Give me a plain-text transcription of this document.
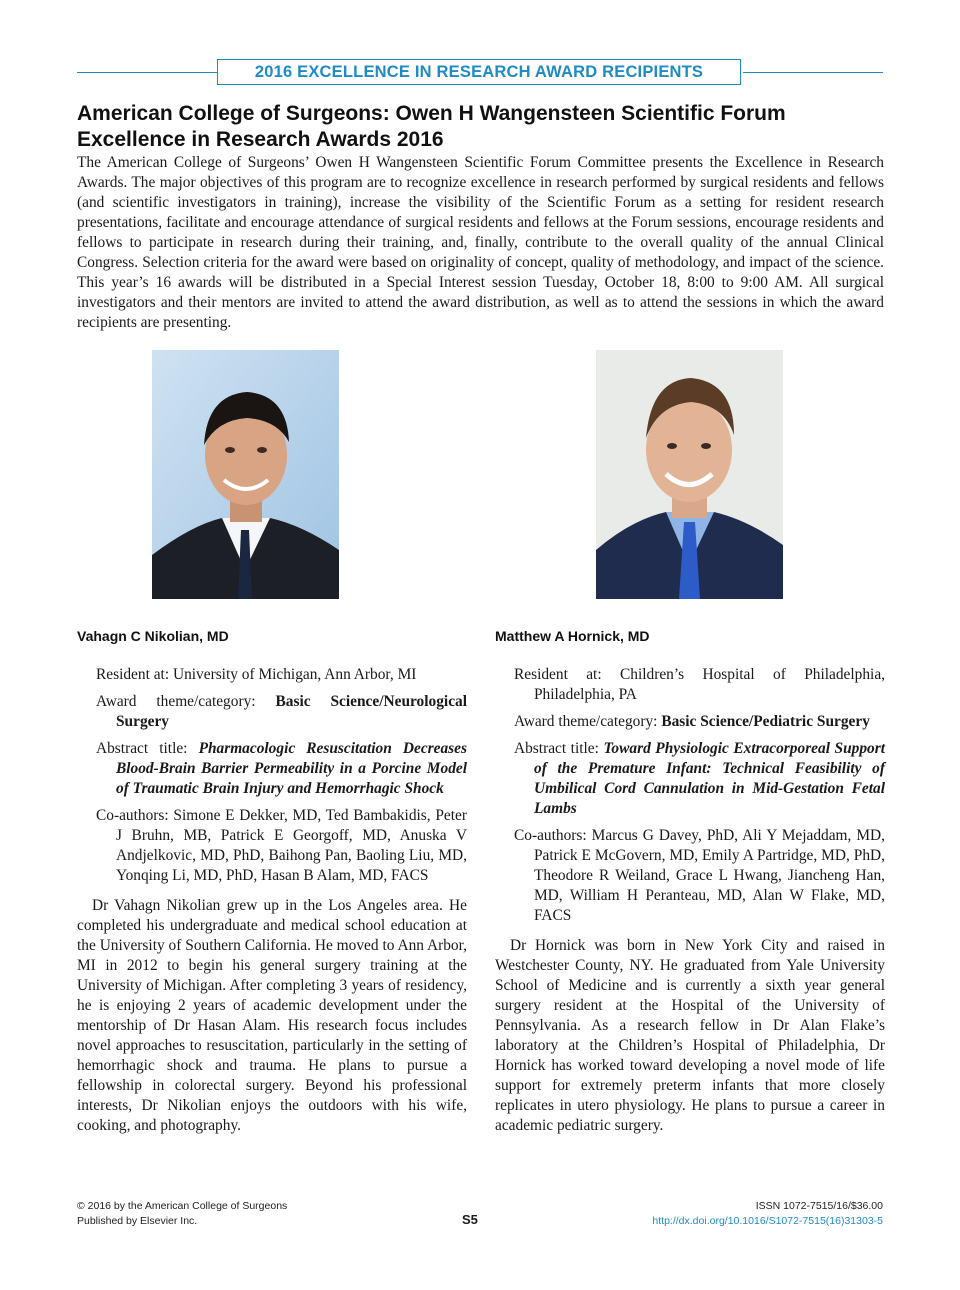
2016 EXCELLENCE IN RESEARCH AWARD RECIPIENTS
American College of Surgeons: Owen H Wangensteen Scientific Forum Excellence in Research Awards 2016
The American College of Surgeons’ Owen H Wangensteen Scientific Forum Committee presents the Excellence in Research Awards. The major objectives of this program are to recognize excellence in research performed by surgical residents and fellows (and scientific investigators in training), increase the visibility of the Scientific Forum as a setting for resident research presentations, facilitate and encourage attendance of surgical residents and fellows at the Forum sessions, encourage residents and fellows to participate in research during their training, and, finally, contribute to the overall quality of the annual Clinical Congress. Selection criteria for the award were based on originality of concept, quality of methodology, and impact of the science. This year’s 16 awards will be distributed in a Special Interest session Tuesday, October 18, 8:00 to 9:00 AM. All surgical investigators and their mentors are invited to attend the award distribution, as well as to attend the sessions in which the award recipients are presenting.
Vahagn C Nikolian, MD
Resident at: University of Michigan, Ann Arbor, MI
Award theme/category: Basic Science/Neurological Surgery
Abstract title: Pharmacologic Resuscitation Decreases Blood-Brain Barrier Permeability in a Porcine Model of Traumatic Brain Injury and Hemorrhagic Shock
Co-authors: Simone E Dekker, MD, Ted Bambakidis, Peter J Bruhn, MB, Patrick E Georgoff, MD, Anuska V Andjelkovic, MD, PhD, Baihong Pan, Baoling Liu, MD, Yonqing Li, MD, PhD, Hasan B Alam, MD, FACS
Dr Vahagn Nikolian grew up in the Los Angeles area. He completed his undergraduate and medical school education at the University of Southern California. He moved to Ann Arbor, MI in 2012 to begin his general surgery training at the University of Michigan. After completing 3 years of residency, he is enjoying 2 years of academic development under the mentorship of Dr Hasan Alam. His research focus includes novel approaches to resuscitation, particularly in the setting of hemorrhagic shock and trauma. He plans to pursue a fellowship in colorectal surgery. Beyond his professional interests, Dr Nikolian enjoys the outdoors with his wife, cooking, and photography.
Matthew A Hornick, MD
Resident at: Children’s Hospital of Philadelphia, Philadelphia, PA
Award theme/category: Basic Science/Pediatric Surgery
Abstract title: Toward Physiologic Extracorporeal Support of the Premature Infant: Technical Feasibility of Umbilical Cord Cannulation in Mid-Gestation Fetal Lambs
Co-authors: Marcus G Davey, PhD, Ali Y Mejaddam, MD, Patrick E McGovern, MD, Emily A Partridge, MD, PhD, Theodore R Weiland, Grace L Hwang, Jiancheng Han, MD, William H Peranteau, MD, Alan W Flake, MD, FACS
Dr Hornick was born in New York City and raised in Westchester County, NY. He graduated from Yale University School of Medicine and is currently a sixth year general surgery resident at the Hospital of the University of Pennsylvania. As a research fellow in Dr Alan Flake’s laboratory at the Children’s Hospital of Philadelphia, Dr Hornick has worked toward developing a novel mode of life support for extremely preterm infants that more closely replicates in utero physiology. He plans to pursue a career in academic pediatric surgery.
© 2016 by the American College of Surgeons
Published by Elsevier Inc.	S5
ISSN 1072-7515/16/$36.00
http://dx.doi.org/10.1016/S1072-7515(16)31303-5
